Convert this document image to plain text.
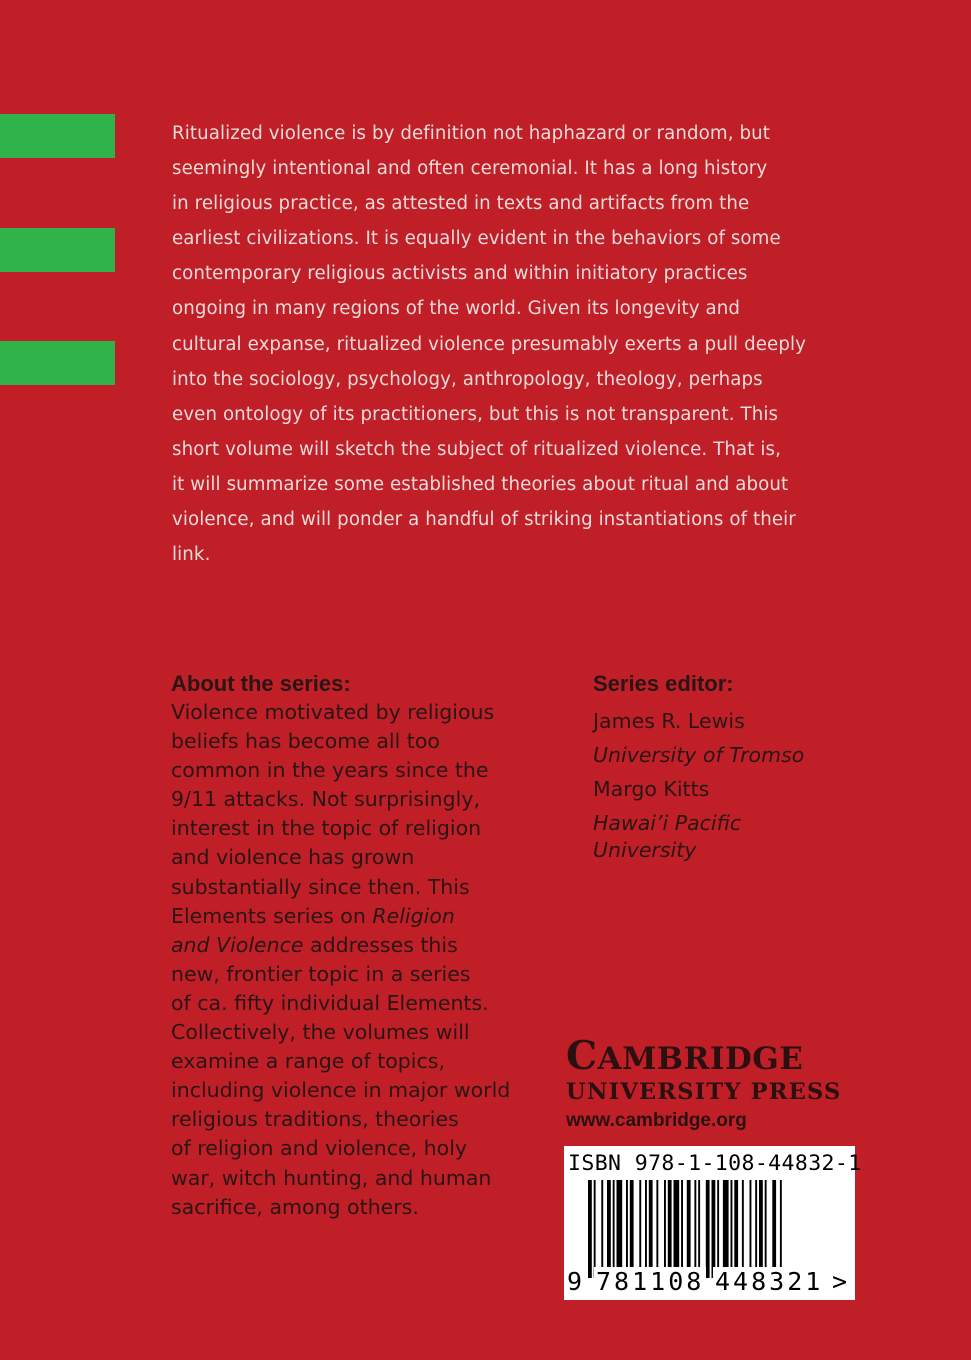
Ritualized violence is by definition not haphazard or random, but
seemingly intentional and often ceremonial. It has a long history
in religious practice, as attested in texts and artifacts from the
earliest civilizations. It is equally evident in the behaviors of some
contemporary religious activists and within initiatory practices
ongoing in many regions of the world. Given its longevity and
cultural expanse, ritualized violence presumably exerts a pull deeply
into the sociology, psychology, anthropology, theology, perhaps
even ontology of its practitioners, but this is not transparent. This
short volume will sketch the subject of ritualized violence. That is,
it will summarize some established theories about ritual and about
violence, and will ponder a handful of striking instantiations of their
link.

About the series:

Violence motivated by religious
beliefs has become all too
common in the years since the
9/11 attacks. Not surprisingly,
interest in the topic of religion
and violence has grown
substantially since then. This
Elements series on Religion
and Violence addresses this
new, frontier topic in a series
of ca. fifty individual Elements.
Collectively, the volumes will
examine a range of topics,
including violence in major world
religious traditions, theories
of religion and violence, holy
war, witch hunting, and human
sacrifice, among others.

Series editor:

James R. Lewis

University of Tromso

Margo Kitts

Hawai’i Pacific
University

CAMBRIDGE
UNIVERSITY PRESS
www.cambridge.org
ISBN 978-1-108-44832-1
9 781108 448321 >
